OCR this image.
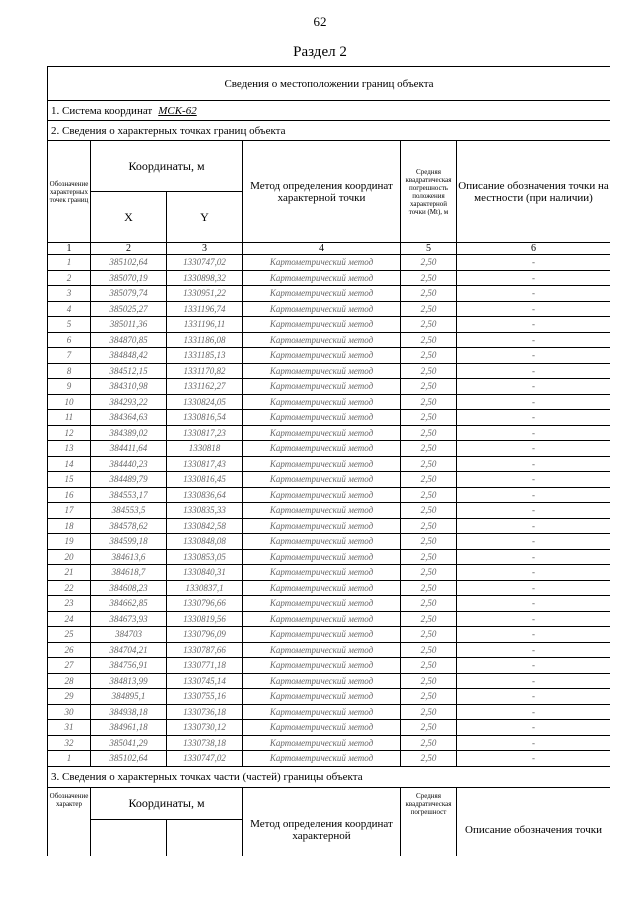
62
Раздел 2
Сведения о местоположении границ объекта					
1. Система координат МСК-62					
2. Сведения о характерных точках границ объекта					
Обозначение характерных точек границ	Координаты, м		Метод определения координат характерной точки	Средняя квадратическая погрешность положения характерной точки (Mt), м	Описание обозначения точки на местности (при наличии)
	X	Y			
1	2	3	4	5	6
1	385102,64	1330747,02	Картометрический метод	2,50	-
2	385070,19	1330898,32	Картометрический метод	2,50	-
3	385079,74	1330951,22	Картометрический метод	2,50	-
4	385025,27	1331196,74	Картометрический метод	2,50	-
5	385011,36	1331196,11	Картометрический метод	2,50	-
6	384870,85	1331186,08	Картометрический метод	2,50	-
7	384848,42	1331185,13	Картометрический метод	2,50	-
8	384512,15	1331170,82	Картометрический метод	2,50	-
9	384310,98	1331162,27	Картометрический метод	2,50	-
10	384293,22	1330824,05	Картометрический метод	2,50	-
11	384364,63	1330816,54	Картометрический метод	2,50	-
12	384389,02	1330817,23	Картометрический метод	2,50	-
13	384411,64	1330818	Картометрический метод	2,50	-
14	384440,23	1330817,43	Картометрический метод	2,50	-
15	384489,79	1330816,45	Картометрический метод	2,50	-
16	384553,17	1330836,64	Картометрический метод	2,50	-
17	384553,5	1330835,33	Картометрический метод	2,50	-
18	384578,62	1330842,58	Картометрический метод	2,50	-
19	384599,18	1330848,08	Картометрический метод	2,50	-
20	384613,6	1330853,05	Картометрический метод	2,50	-
21	384618,7	1330840,31	Картометрический метод	2,50	-
22	384608,23	1330837,1	Картометрический метод	2,50	-
23	384662,85	1330796,66	Картометрический метод	2,50	-
24	384673,93	1330819,56	Картометрический метод	2,50	-
25	384703	1330796,09	Картометрический метод	2,50	-
26	384704,21	1330787,66	Картометрический метод	2,50	-
27	384756,91	1330771,18	Картометрический метод	2,50	-
28	384813,99	1330745,14	Картометрический метод	2,50	-
29	384895,1	1330755,16	Картометрический метод	2,50	-
30	384938,18	1330736,18	Картометрический метод	2,50	-
31	384961,18	1330730,12	Картометрический метод	2,50	-
32	385041,29	1330738,18	Картометрический метод	2,50	-
1	385102,64	1330747,02	Картометрический метод	2,50	-
3. Сведения о характерных точках части (частей) границы объекта					
Обозначение характер	Координаты, м		Метод определения координат характерной	Средняя квадратическая погрешност	Описание обозначения точки
